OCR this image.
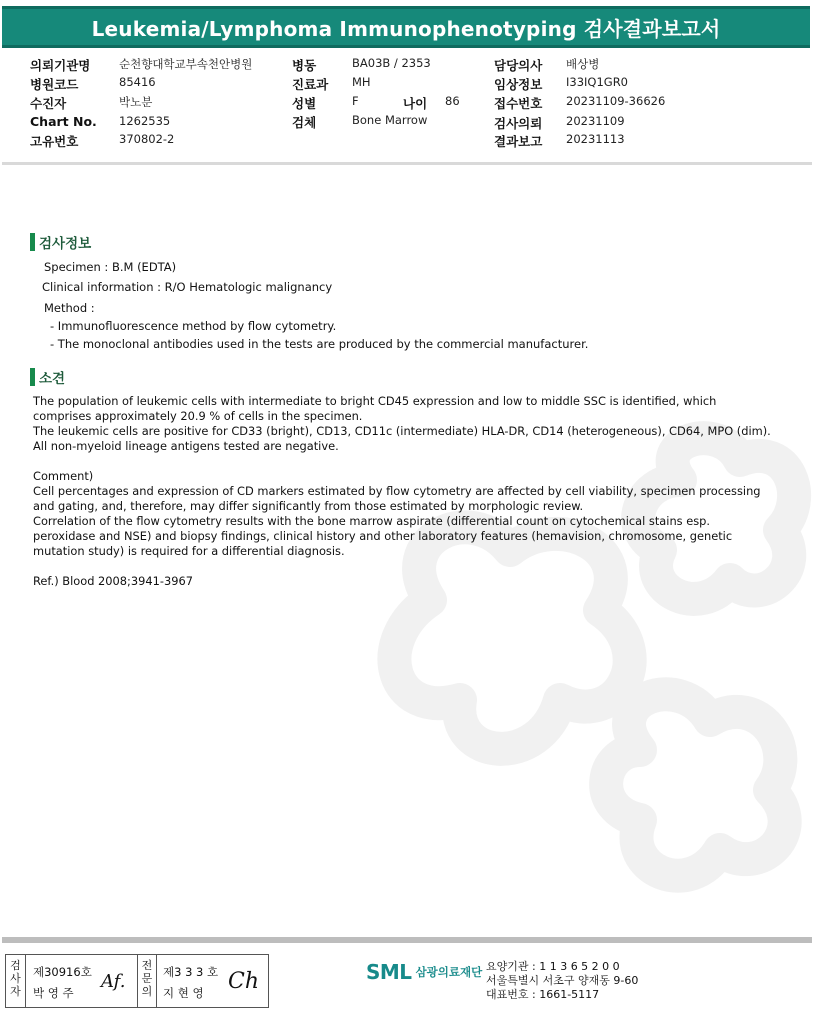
Leukemia/Lymphoma Immunophenotyping 검사결과보고서
의뢰기관명 순천향대학교부속천안병원
병원코드	85416
수진자	박노분
Chart No. 1262535
고유번호	370802-2
병동	BA03B / 2353
진료과 MH
성별	F	나이 86
검체	Bone Marrow
담당의사 배상병
임상정보 I33IQ1GR0
접수번호 20231109-36626
검사의뢰 20231109
결과보고 20231113
검사정보
Specimen : B.M (EDTA)
Clinical information : R/O Hematologic malignancy
Method :
- Immunofluorescence method by flow cytometry.
- The monoclonal antibodies used in the tests are produced by the commercial manufacturer.
소견

The population of leukemic cells with intermediate to bright CD45 expression and low to middle SSC is identified, which
comprises approximately 20.9 % of cells in the specimen.
The leukemic cells are positive for CD33 (bright), CD13, CD11c (intermediate) HLA-DR, CD14 (heterogeneous), CD64, MPO (dim).
All non-myeloid lineage antigens tested are negative.

Comment)
Cell percentages and expression of CD markers estimated by flow cytometry are affected by cell viability, specimen processing
and gating, and, therefore, may differ significantly from those estimated by morphologic review.
Correlation of the flow cytometry results with the bone marrow aspirate (differential count on cytochemical stains esp.
peroxidase and NSE) and biopsy findings, clinical history and other laboratory features (hemavision, chromosome, genetic
mutation study) is required for a differential diagnosis.

Ref.) Blood 2008;3941-3967

검사자
제30916호
박 영 주
Af.
전문의
제3 3 3 호
지 현 영 Ch	SML 삼광의료재단 요양기관 : 1 1 3 6 5 2 0 0
서울특별시 서초구 양재동 9-60
대표번호 : 1661-5117
